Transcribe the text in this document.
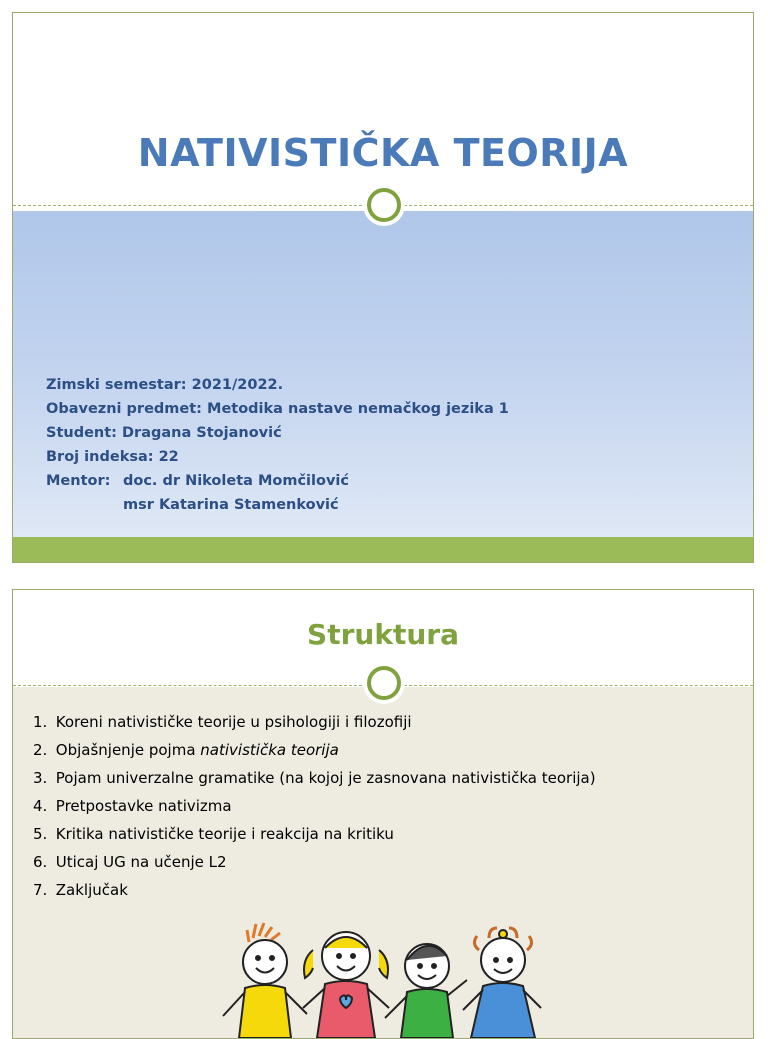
NATIVISTIČKA TEORIJA
Zimski semestar: 2021/2022.
Obavezni predmet: Metodika nastave nemačkog jezika 1
Student: Dragana Stojanović
Broj indeksa: 22
Mentor: doc. dr Nikoleta Momčilović
msr Katarina Stamenković
Struktura
1. Koreni nativističke teorije u psihologiji i filozofiji
2. Objašnjenje pojma nativistička teorija
3. Pojam univerzalne gramatike (na kojoj je zasnovana nativistička teorija)
4. Pretpostavke nativizma
5. Kritika nativističke teorije i reakcija na kritiku
6. Uticaj UG na učenje L2
7. Zaključak
